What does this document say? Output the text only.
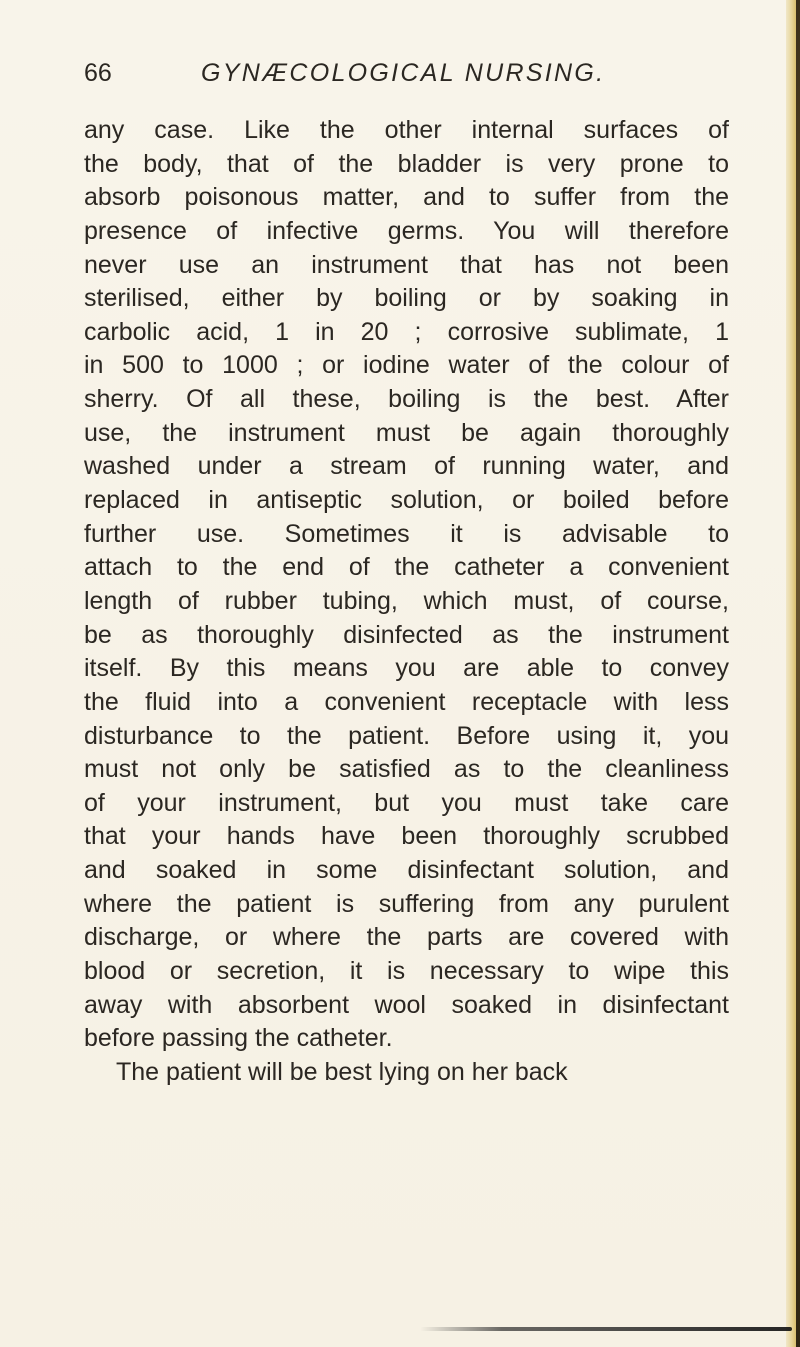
66	GYNÆCOLOGICAL NURSING.
any case. Like the other internal surfaces of
the body, that of the bladder is very prone to
absorb poisonous matter, and to suffer from the
presence of infective germs. You will therefore
never use an instrument that has not been
sterilised, either by boiling or by soaking in
carbolic acid, 1 in 20 ; corrosive sublimate, 1
in 500 to 1000 ; or iodine water of the colour of
sherry. Of all these, boiling is the best. After
use, the instrument must be again thoroughly
washed under a stream of running water, and
replaced in antiseptic solution, or boiled before
further use. Sometimes it is advisable to
attach to the end of the catheter a convenient
length of rubber tubing, which must, of course,
be as thoroughly disinfected as the instrument
itself. By this means you are able to convey
the fluid into a convenient receptacle with less
disturbance to the patient. Before using it, you
must not only be satisfied as to the cleanliness
of your instrument, but you must take care
that your hands have been thoroughly scrubbed
and soaked in some disinfectant solution, and
where the patient is suffering from any purulent
discharge, or where the parts are covered with
blood or secretion, it is necessary to wipe this
away with absorbent wool soaked in disinfectant
before passing the catheter.
The patient will be best lying on her back
